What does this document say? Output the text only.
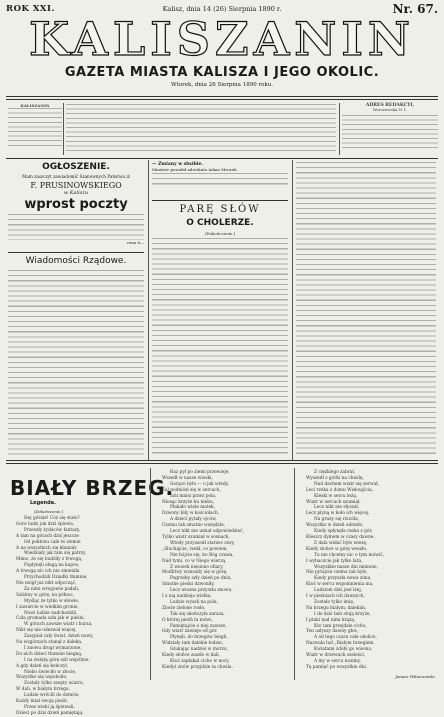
ROK XXI.	Kalisz, dnia 14 (26) Sierpnia 1890 r.	Nr. 67.
KALISZANIN
GAZETA MIASTA KALISZA I JEGO OKOLIC.
Wtorek, dnia 26 Sierpnia 1890 roku.
KALISZANIN	ADRES REDAKCYI,
Warszawska N 1.
OGŁOSZENIE.
Mam zaszczyt zawiadomić Szanownych Państwa iż
F. PRUSINOWSKIEGO
w Kaliszu
wprost poczty
cena 6—
Wiadomości Rządowe.
— Zmiany w służbie.
Minister powołał adwokata Adam Mrozek.
PARĘ SŁÓW
O CHOLERZE.
(Dokończenie.)
BIAŁY BRZEG.
Legenda.
(Dokończenie.)
Hej górale! Cóż się stało?
Gore ludzi jak dziś śpiewa,
Przeszły żydaców fantazy,
A tam na górach dziś jeszcze
Od pokłonu całe te ziemie
A na wszystkich się kłaniały
Wiedziały jak tam się patrzy,
Mimo, że się budziły z trwogą,
Popłynęli sługą na kapce,
A trwogą nic ich nie zmieniła
Przychodzili Dziadki tłumnie,
Nie mógł już nikt odpocząć,
Za nimi wrogowie padali,
Szliśmy w górę, na północ,
Myśląc że tylko w słowie,
I zawarcie w wielkim gronie,
Nowi ludzie nadchodzili,
Cała gromada szła jak w pieśni,
W górach zawsze wiatr i burza,
Nikt się nie odezwał więcej,
Zasypiał cały świat, dzień nowy,
Na wzgórzach stanął z daleka,
I znowu drogi wymarzone,
Do nich dzieci tłumnie biegną,
I na świętą górę szli wspólnie,
A gdy dzień się kończył,
Niebo świeciło w złocie,
Wszystko się uspokoiło,
Zostały tylko szepty wiatru,
W dali, w białym brzegu.
Ludzie wrócili do domów,
Każdy miał swoją pieśń,
Przez wieki ją śpiewali,
Dzieci po dziś dzień pamiętają.
Raz pył po ziemi przewieje,
Wszedł w nasze wioski,
Gorąco było — o jak wtedy,
Żal podniósł się w sercach,
Szli mnisi przez pola,
Niosąc krzyże ku niebu,
Płakało wiele matek,
Dzwony biły w kościołach,
A dzieci pytały ojców,
Czemu tak smutno wszędzie,
Lecz nikt nie umiał odpowiedzieć,
Tylko wiatr szumiał w sosnach,
Wtedy przyszedł starzec siwy,
„Słuchajcie, rzekł, co powiem,
Nie bójcie się, bo Bóg czuwa,
Nad tymi, co w Niego wierzą.
Z wiosek niesiono ofiary,
Modlitwy wznosiły się w górę,
Pogrzeby szły dzień po dniu,
Smutne pieśni dzwoniły,
Lecz wiosna przyszła znowu,
I z nią nadzieja wielka,
Ludzie wyszli na pola,
Zboże zielone rosło,
Tak się skończyła zaraza,
O której pieśń ta mówi,
Pamiętajcie o niej zawsze,
Gdy wiatr zawieje od gór.
Płynęli, do brzegów biegli,
Widziały tam dalekie łodzie,
Szukając nadziei w morzu,
Kiedy słońce zaszło w dali,
Ktoś zapłakał cicho w nocy,
Kiedyś znów przyjdzie ta chwila.
Z ciężkiego zabrał,
Wyszedł z górki na chwilę,
Nad dachem wiatr się zerwał,
Leci rzeka z domu Wisłoujścia,
Kleski w sercu leżą,
Wiatr w sercach szumiał,
Lecz nikt nie słyszał,
Lecz płyną w koło ich więcej,
Na gruzy się rzuciła,
Wszystko w dzień odeszło,
Kiedy spłynęła rzeka z gór,
Kleszcz dymem w czasy dawne,
Z dala widać było wieżę,
Kiedy słońce w górę weszło,
Tu nie chcemy nic o tym mówić,
I wybaczcie jak tylko lata,
Wszystkie nasze dni minione,
Nie pytajcie czemu tak było,
Kiedy przyszła nowa zima,
Ktoś w sercu wspomnienia ma,
Ludziom dziś jest lżej,
I w pieśniach ich dawnych,
Zostało tylko imię,
Na brzegu białym, dalekim,
I do dziś tam stoją krzyże,
I ptaki nad nimi krążą,
Kto tam przejdzie cicho,
Ten usłyszy dawny głos,
A od tego czasu całe okolice,
Nazwała lud „Białym brzegiem.
Kwiatami zdobi go wiosna,
Wiatr w drzewach szeleści,
A my w sercu nosimy,
Tę pamięć po wszystkie dni.
Janusz Wilaczewski.
